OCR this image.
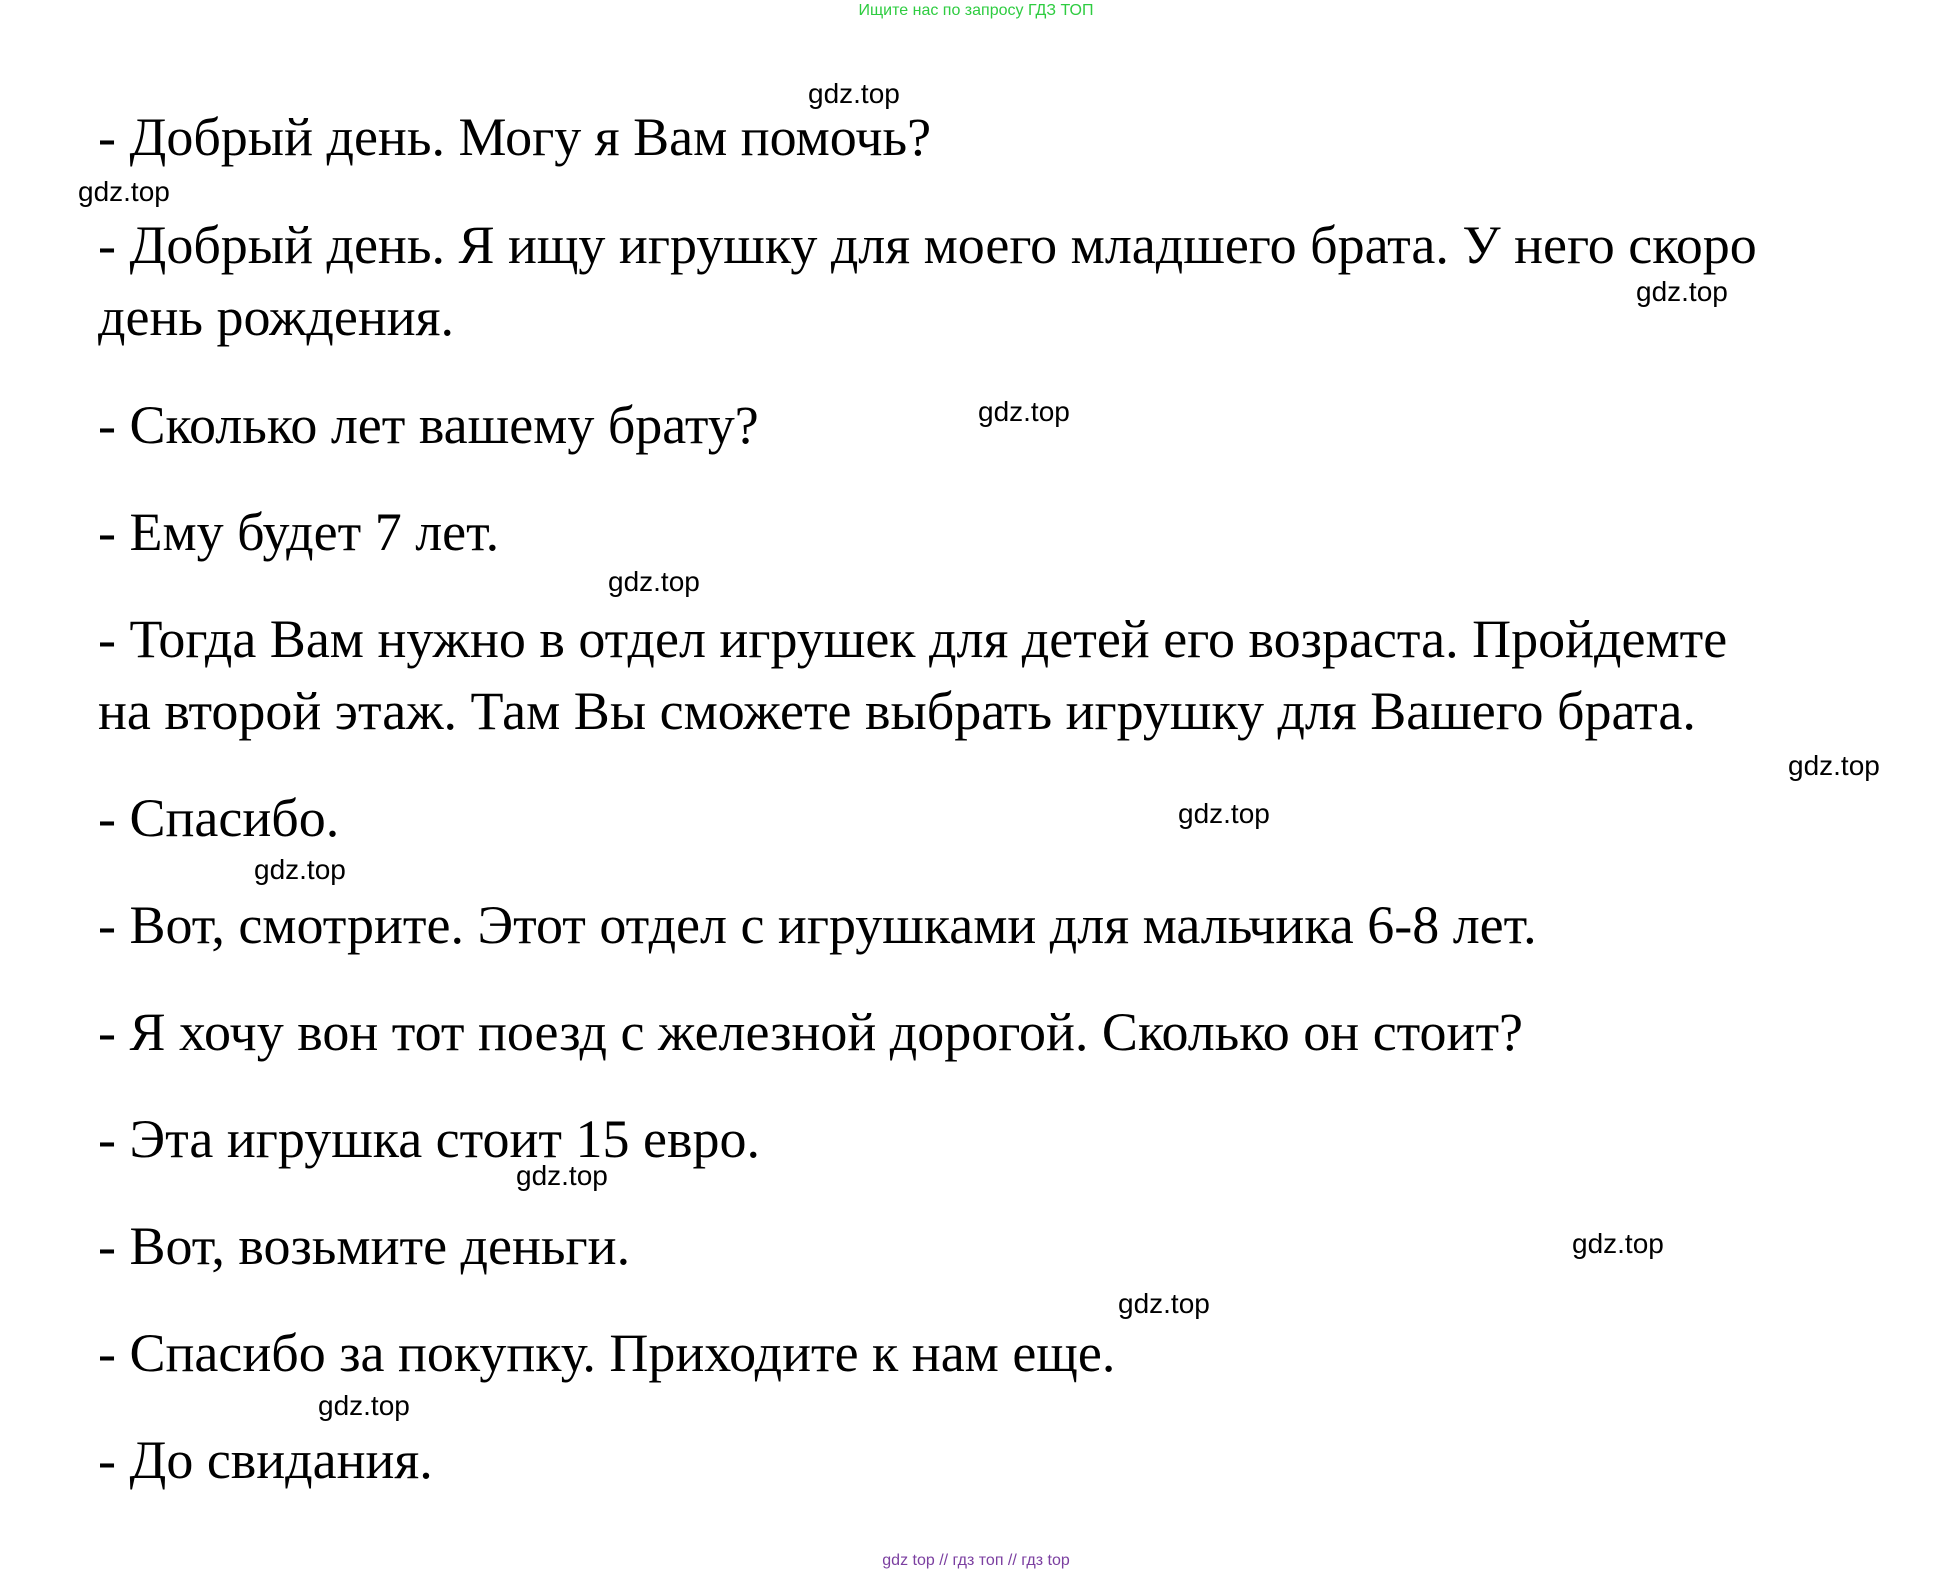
Ищите нас по запросу ГДЗ ТОП

- Добрый день. Могу я Вам помочь?

- Добрый день. Я ищу игрушку для моего младшего брата. У него скоро

день рождения.

- Сколько лет вашему брату?

- Ему будет 7 лет.

- Тогда Вам нужно в отдел игрушек для детей его возраста. Пройдемте

на второй этаж. Там Вы сможете выбрать игрушку для Вашего брата.

- Спасибо.

- Вот, смотрите. Этот отдел с игрушками для мальчика 6-8 лет.

- Я хочу вон тот поезд с железной дорогой. Сколько он стоит?

- Эта игрушка стоит 15 евро.

- Вот, возьмите деньги.

- Спасибо за покупку. Приходите к нам еще.

- До свидания.

gdz.top
gdz.top
gdz.top
gdz.top
gdz.top
gdz.top
gdz.top
gdz.top
gdz.top
gdz.top
gdz.top
gdz.top
gdz top // гдз топ // гдз top
